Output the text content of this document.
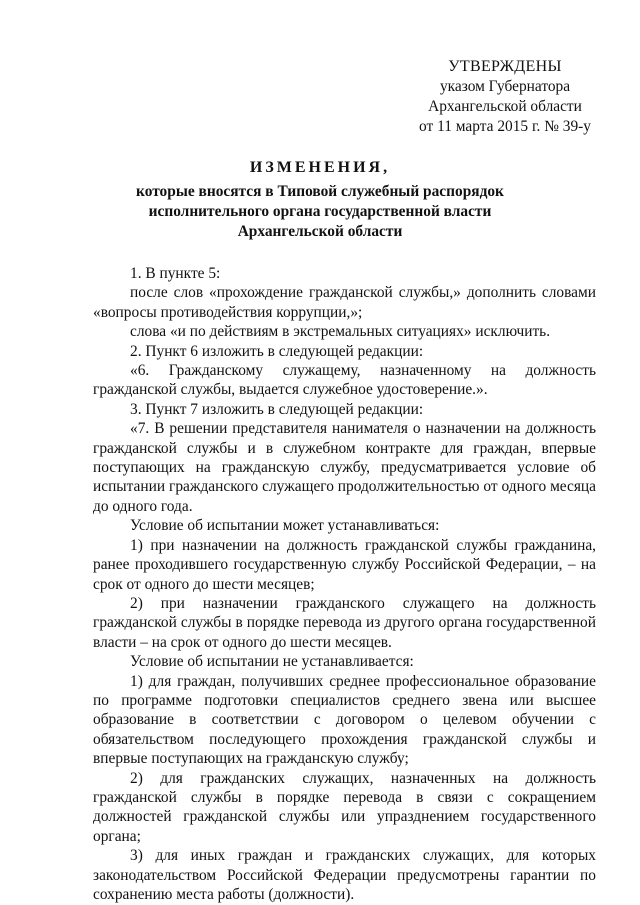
УТВЕРЖДЕНЫ
указом Губернатора
Архангельской области
от 11 марта 2015 г. № 39-у
ИЗМЕНЕНИЯ,
которые вносятся в Типовой служебный распорядок
исполнительного органа государственной власти
Архангельской области

1. В пункте 5:

после слов «прохождение гражданской службы,» дополнить словами «вопросы противодействия коррупции,»;

слова «и по действиям в экстремальных ситуациях» исключить.

2. Пункт 6 изложить в следующей редакции:

«6. Гражданскому служащему, назначенному на должность гражданской службы, выдается служебное удостоверение.».

3. Пункт 7 изложить в следующей редакции:

«7. В решении представителя нанимателя о назначении на должность гражданской службы и в служебном контракте для граждан, впервые поступающих на гражданскую службу, предусматривается условие об испытании гражданского служащего продолжительностью от одного месяца до одного года.

Условие об испытании может устанавливаться:

1) при назначении на должность гражданской службы гражданина, ранее проходившего государственную службу Российской Федерации, – на срок от одного до шести месяцев;

2) при назначении гражданского служащего на должность гражданской службы в порядке перевода из другого органа государственной власти – на срок от одного до шести месяцев.

Условие об испытании не устанавливается:

1) для граждан, получивших среднее профессиональное образование по программе подготовки специалистов среднего звена или высшее образование в соответствии с договором о целевом обучении с обязательством последующего прохождения гражданской службы и впервые поступающих на гражданскую службу;

2) для гражданских служащих, назначенных на должность гражданской службы в порядке перевода в связи с сокращением должностей гражданской службы или упразднением государственного органа;

3) для иных граждан и гражданских служащих, для которых законодательством Российской Федерации предусмотрены гарантии по сохранению места работы (должности).
